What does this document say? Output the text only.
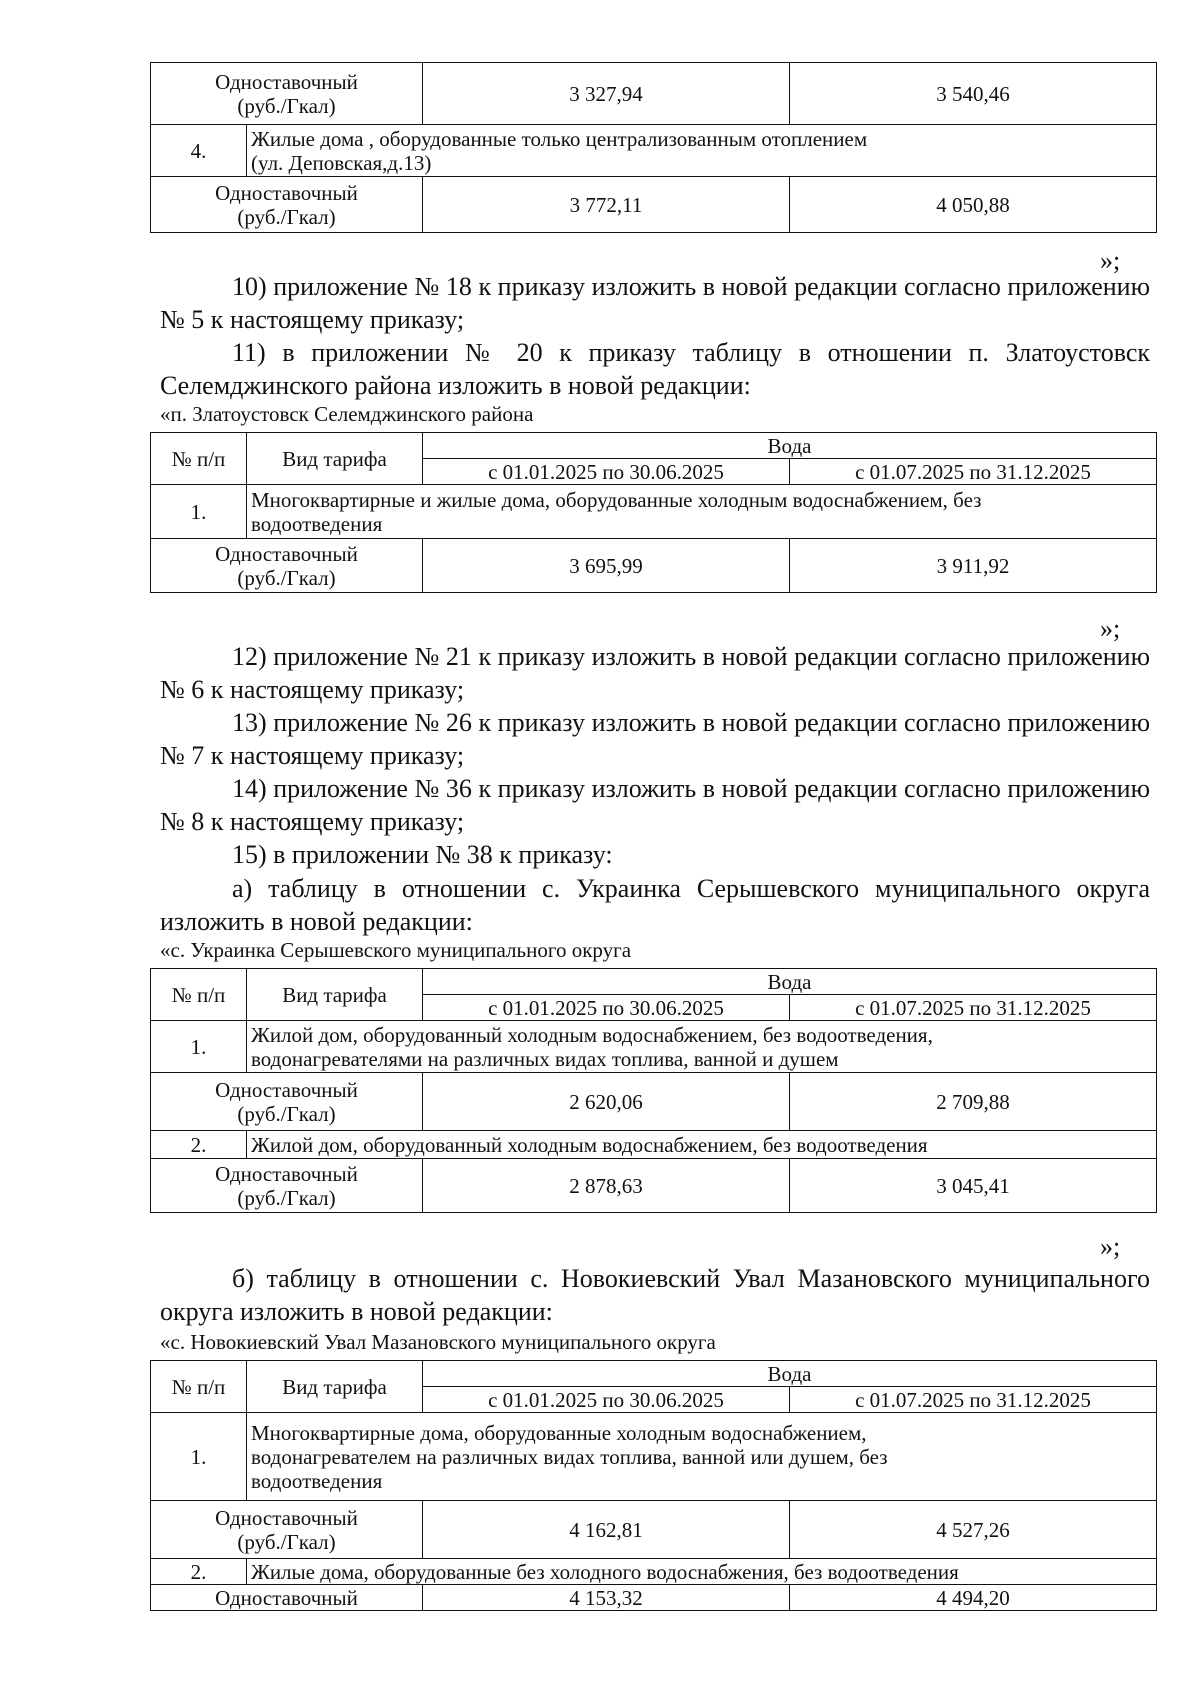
Одноставочный
(руб./Гкал)		3 327,94	3 540,46
4.	Жилые дома , оборудованные только централизованным отоплением
(ул. Деповская,д.13)		

Одноставочный
(руб./Гкал)		3 772,11	4 050,88
»;
10) приложение № 18 к приказу изложить в новой редакции согласно приложению № 5 к настоящему приказу;
11) в приложении № 20 к приказу таблицу в отношении п. Златоустовск Селемджинского района изложить в новой редакции:
«п. Златоустовск Селемджинского района
№ п/п	Вид тарифа	Вода	
		с 01.01.2025 по 30.06.2025	с 01.07.2025 по 31.12.2025
1.	Многоквартирные и жилые дома, оборудованные холодным водоснабжением, без
водоотведения		

Одноставочный
(руб./Гкал)		3 695,99	3 911,92
»;
12) приложение № 21 к приказу изложить в новой редакции согласно приложению № 6 к настоящему приказу;
13) приложение № 26 к приказу изложить в новой редакции согласно приложению № 7 к настоящему приказу;
14) приложение № 36 к приказу изложить в новой редакции согласно приложению № 8 к настоящему приказу;
15) в приложении № 38 к приказу:
а) таблицу в отношении с. Украинка Серышевского муниципального округа изложить в новой редакции:
«с. Украинка Серышевского муниципального округа
№ п/п	Вид тарифа	Вода	
		с 01.01.2025 по 30.06.2025	с 01.07.2025 по 31.12.2025
1.	Жилой дом, оборудованный холодным водоснабжением, без водоотведения,
водонагревателями на различных видах топлива, ванной и душем		

Одноставочный
(руб./Гкал)		2 620,06	2 709,88
2.	Жилой дом, оборудованный холодным водоснабжением, без водоотведения		

Одноставочный
(руб./Гкал)		2 878,63	3 045,41
»;
б) таблицу в отношении с. Новокиевский Увал Мазановского муниципального округа изложить в новой редакции:
«с. Новокиевский Увал Мазановского муниципального округа
№ п/п	Вид тарифа	Вода	
		с 01.01.2025 по 30.06.2025	с 01.07.2025 по 31.12.2025
1.	Многоквартирные дома, оборудованные холодным водоснабжением,
водонагревателем на различных видах топлива, ванной или душем, без
водоотведения		

Одноставочный
(руб./Гкал)		4 162,81	4 527,26
2.	Жилые дома, оборудованные без холодного водоснабжения, без водоотведения		
Одноставочный		4 153,32	4 494,20
